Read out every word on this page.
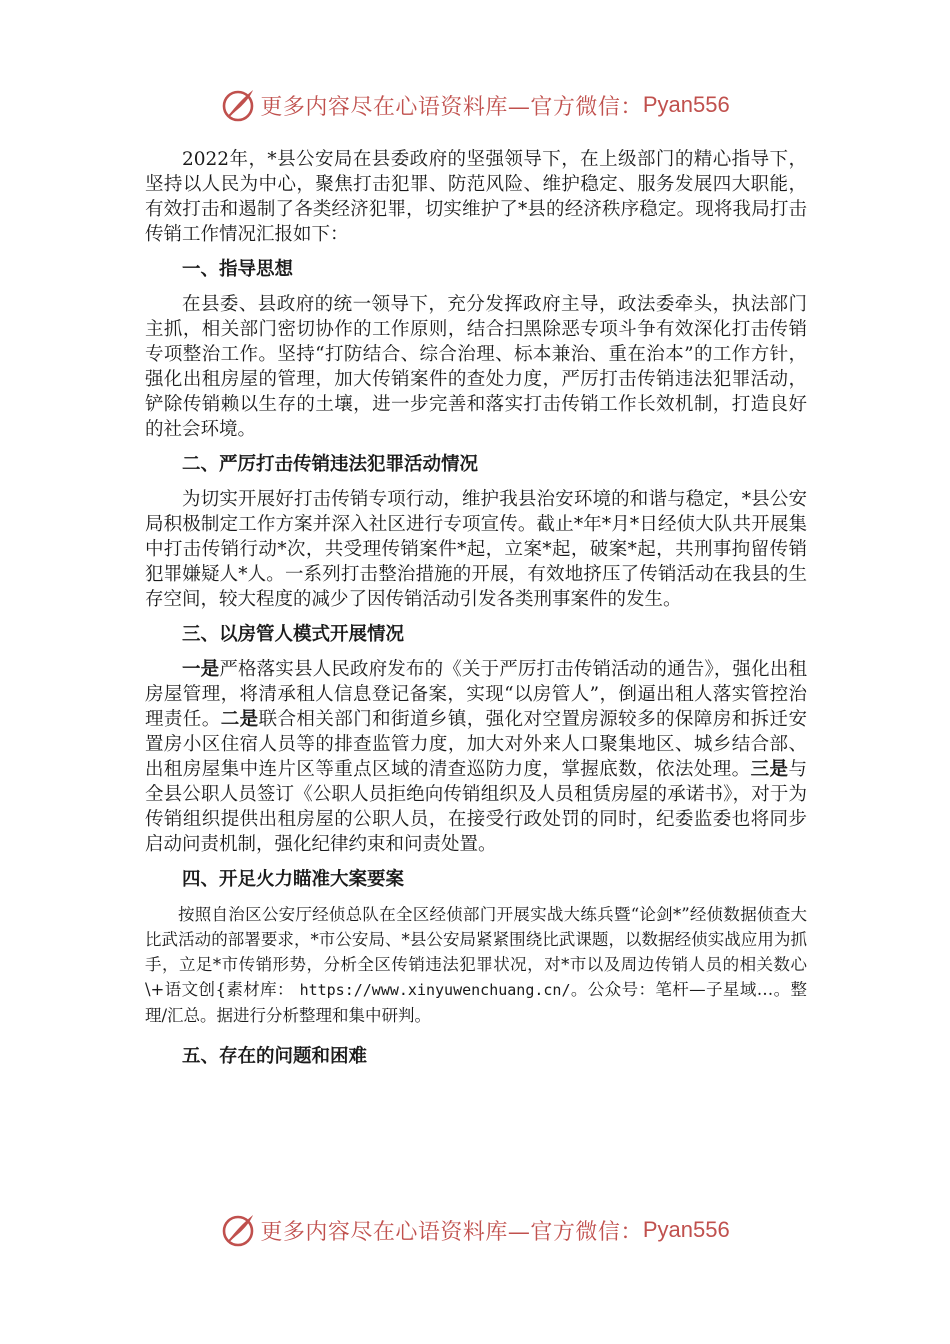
更多内容尽在心语资料库—官方微信： Pyan556

2022年，*县公安局在县委政府的坚强领导下，在上级部门的精心指导下，坚持以人民为中心，聚焦打击犯罪、防范风险、维护稳定、服务发展四大职能，有效打击和遏制了各类经济犯罪，切实维护了*县的经济秩序稳定。现将我局打击传销工作情况汇报如下：

一、指导思想

在县委、县政府的统一领导下，充分发挥政府主导，政法委牵头，执法部门主抓，相关部门密切协作的工作原则，结合扫黑除恶专项斗争有效深化打击传销专项整治工作。坚持“打防结合、综合治理、标本兼治、重在治本”的工作方针，强化出租房屋的管理，加大传销案件的查处力度，严厉打击传销违法犯罪活动，铲除传销赖以生存的土壤，进一步完善和落实打击传销工作长效机制，打造良好的社会环境。

二、严厉打击传销违法犯罪活动情况

为切实开展好打击传销专项行动，维护我县治安环境的和谐与稳定，*县公安局积极制定工作方案并深入社区进行专项宣传。截止*年*月*日经侦大队共开展集中打击传销行动*次，共受理传销案件*起，立案*起，破案*起，共刑事拘留传销犯罪嫌疑人*人。一系列打击整治措施的开展，有效地挤压了传销活动在我县的生存空间，较大程度的减少了因传销活动引发各类刑事案件的发生。

三、以房管人模式开展情况

一是严格落实县人民政府发布的《关于严厉打击传销活动的通告》，强化出租房屋管理，将清承租人信息登记备案，实现“以房管人”，倒逼出租人落实管控治理责任。二是联合相关部门和街道乡镇，强化对空置房源较多的保障房和拆迁安置房小区住宿人员等的排查监管力度，加大对外来人口聚集地区、城乡结合部、出租房屋集中连片区等重点区域的清查巡防力度，掌握底数，依法处理。三是与全县公职人员签订《公职人员拒绝向传销组织及人员租赁房屋的承诺书》，对于为传销组织提供出租房屋的公职人员，在接受行政处罚的同时，纪委监委也将同步启动问责机制，强化纪律约束和问责处置。

四、开足火力瞄准大案要案

按照自治区公安厅经侦总队在全区经侦部门开展实战大练兵暨“论剑*”经侦数据侦查大比武活动的部署要求，*市公安局、*县公安局紧紧围绕比武课题，以数据经侦实战应用为抓手，立足*市传销形势，分析全区传销违法犯罪状况，对*市以及周边传销人员的相关数心\+语文创{素材库： https://www.xinyuwenchuang.cn/。公众号：笔杆—子星域…。整理/汇总。据进行分析整理和集中研判。

五、存在的问题和困难
更多内容尽在心语资料库—官方微信： Pyan556
